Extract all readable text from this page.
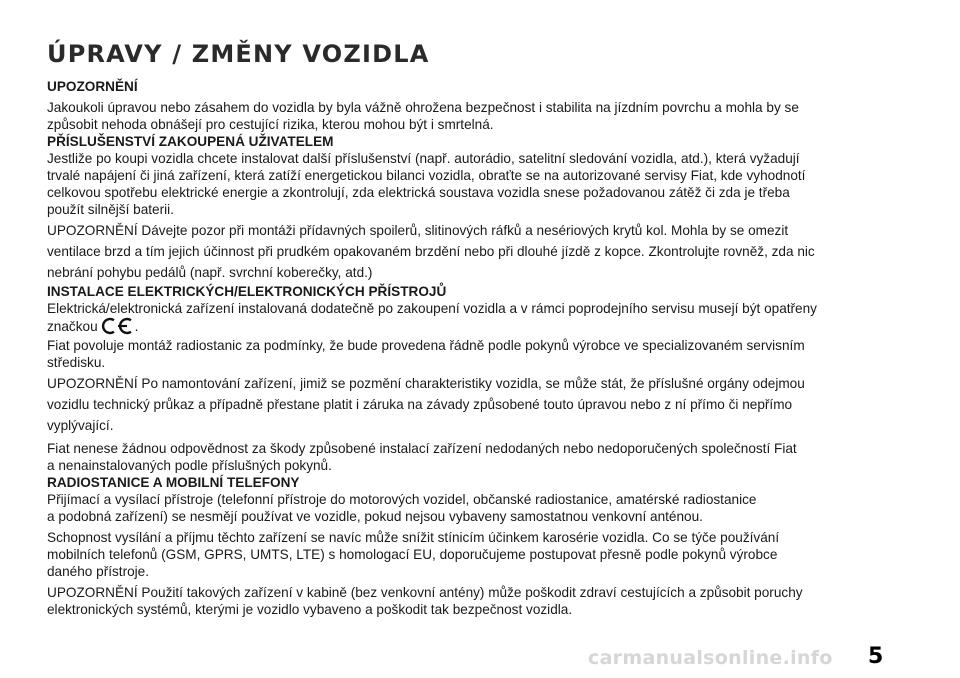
ÚPRAVY / ZMĚNY VOZIDLA

UPOZORNĚNÍ

Jakoukoli úpravou nebo zásahem do vozidla by byla vážně ohrožena bezpečnost i stabilita na jízdním povrchu a mohla by se
způsobit nehoda obnášejí pro cestující rizika, kterou mohou být i smrtelná.

PŘÍSLUŠENSTVÍ ZAKOUPENÁ UŽIVATELEM

Jestliže po koupi vozidla chcete instalovat další příslušenství (např. autorádio, satelitní sledování vozidla, atd.), která vyžadují
trvalé napájení či jiná zařízení, která zatíží energetickou bilanci vozidla, obraťte se na autorizované servisy Fiat, kde vyhodnotí
celkovou spotřebu elektrické energie a zkontrolují, zda elektrická soustava vozidla snese požadovanou zátěž či zda je třeba
použít silnější baterii.

UPOZORNĚNÍ Dávejte pozor při montáži přídavných spoilerů, slitinových ráfků a nesériových krytů kol. Mohla by se omezit
ventilace brzd a tím jejich účinnost při prudkém opakovaném brzdění nebo při dlouhé jízdě z kopce. Zkontrolujte rovněž, zda nic
nebrání pohybu pedálů (např. svrchní koberečky, atd.)

INSTALACE ELEKTRICKÝCH/ELEKTRONICKÝCH PŘÍSTROJŮ

Elektrická/elektronická zařízení instalovaná dodatečně po zakoupení vozidla a v rámci poprodejního servisu musejí být opatřeny
značkou	.

Fiat povoluje montáž radiostanic za podmínky, že bude provedena řádně podle pokynů výrobce ve specializovaném servisním
středisku.

UPOZORNĚNÍ Po namontování zařízení, jimiž se pozmění charakteristiky vozidla, se může stát, že příslušné orgány odejmou
vozidlu technický průkaz a případně přestane platit i záruka na závady způsobené touto úpravou nebo z ní přímo či nepřímo
vyplývající.

Fiat nenese žádnou odpovědnost za škody způsobené instalací zařízení nedodaných nebo nedoporučených společností Fiat
a nenainstalovaných podle příslušných pokynů.

RADIOSTANICE A MOBILNÍ TELEFONY

Přijímací a vysílací přístroje (telefonní přístroje do motorových vozidel, občanské radiostanice, amatérské radiostanice
a podobná zařízení) se nesmějí používat ve vozidle, pokud nejsou vybaveny samostatnou venkovní anténou.

Schopnost vysílání a příjmu těchto zařízení se navíc může snížit stínicím účinkem karosérie vozidla. Co se týče používání
mobilních telefonů (GSM, GPRS, UMTS, LTE) s homologací EU, doporučujeme postupovat přesně podle pokynů výrobce
daného přístroje.

UPOZORNĚNÍ Použití takových zařízení v kabině (bez venkovní antény) může poškodit zdraví cestujících a způsobit poruchy
elektronických systémů, kterými je vozidlo vybaveno a poškodit tak bezpečnost vozidla.

carmanualsonline.info 5
